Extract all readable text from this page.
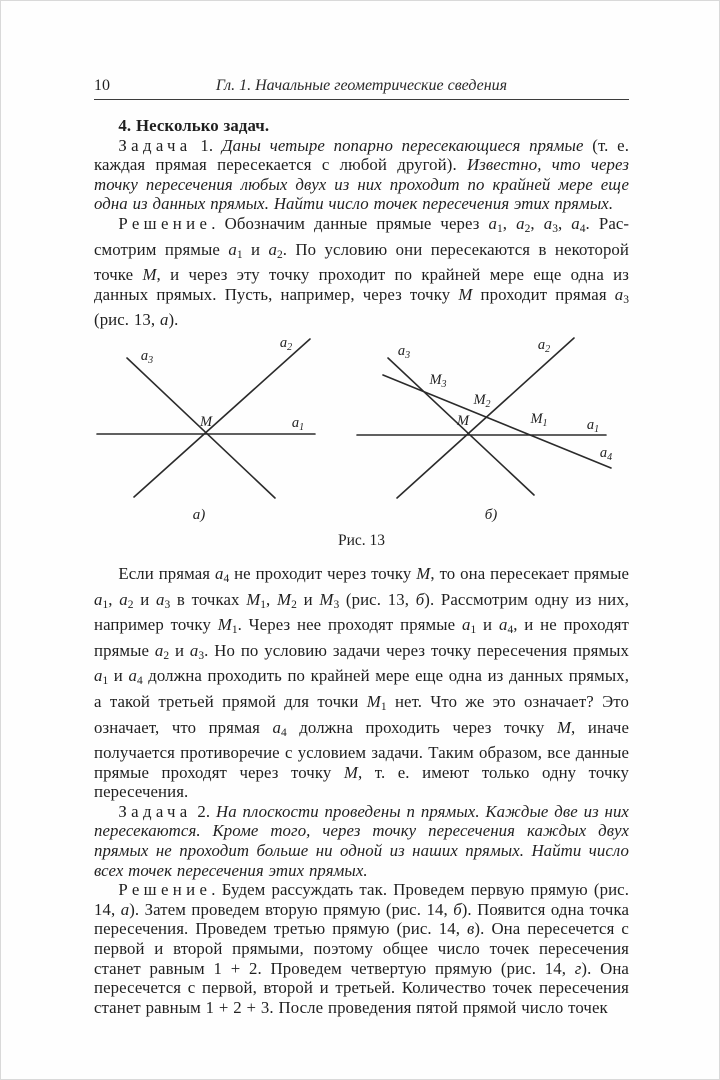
10	Гл. 1. Начальные геометрические сведения

4. Несколько задач.

Задача 1. Даны четыре попарно пересекающиеся прямые (т. е. каждая прямая пересекается с любой другой). Известно, что через точку пересечения любых двух из них проходит по крайней мере еще одна из данных прямых. Найти число точек пересечения этих прямых.

Решение. Обозначим данные прямые через a1, a2, a3, a4. Рассмотрим прямые a1 и a2. По условию они пересекаются в некоторой точке M, и через эту точку проходит по крайней мере еще одна из данных прямых. Пусть, например, через точку M проходит прямая a3 (рис. 13, а).

$a_3$
$a_2$
$a_1$
M
а)
$a_3$
$a_2$
$a_1$
$a_4$
M
$M_3$
$M_2$
$M_1$
б)
Рис. 13

Если прямая a4 не проходит через точку M, то она пересекает прямые a1, a2 и a3 в точках M1, M2 и M3 (рис. 13, б). Рассмотрим одну из них, например точку M1. Через нее проходят прямые a1 и a4, и не проходят прямые a2 и a3. Но по условию задачи через точку пересечения прямых a1 и a4 должна проходить по крайней мере еще одна из данных прямых, а такой третьей прямой для точки M1 нет. Что же это означает? Это означает, что прямая a4 должна проходить через точку M, иначе получается противоречие с условием задачи. Таким образом, все данные прямые проходят через точку M, т. е. имеют только одну точку пересечения.

Задача 2. На плоскости проведены n прямых. Каждые две из них пересекаются. Кроме того, через точку пересечения каждых двух прямых не проходит больше ни одной из наших прямых. Найти число всех точек пересечения этих прямых.

Решение. Будем рассуждать так. Проведем первую прямую (рис. 14, а). Затем проведем вторую прямую (рис. 14, б). Появится одна точка пересечения. Проведем третью прямую (рис. 14, в). Она пересечется с первой и второй прямыми, поэтому общее число точек пересечения станет равным 1 + 2. Проведем четвертую прямую (рис. 14, г). Она пересечется с первой, второй и третьей. Количество точек пересечения станет равным 1 + 2 + 3. После проведения пятой прямой число точек
